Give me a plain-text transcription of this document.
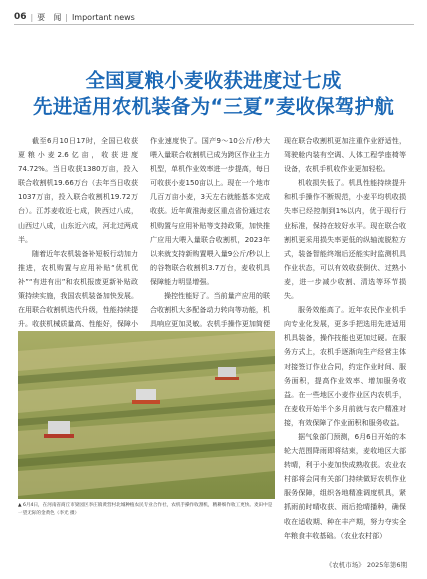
06 | 要　闻 | Important news
全国夏粮小麦收获进度过七成
先进适用农机装备为“三夏”麦收保驾护航

截至6月10日17时，全国已收获夏粮小麦2.6亿亩，收获进度74.72%。当日收获1380万亩，投入联合收割机19.66万台（去年当日收获1037万亩，投入联合收割机19.72万台）。江苏麦收近七成，陕西过八成，山西过八成，山东近六成，河北过两成半。

随着近年农机装备补短板行动加力推进，农机购置与应用补贴“优机优补”“有进有出”和农机报废更新补贴政策持续实施，我国农机装备加快发展。在用联合收割机迭代升级，性能持续提升。收获机械质量高、性能好，保障小

作业速度快了。国产9～10公斤/秒大喂入量联合收割机已成为跨区作业主力机型，单机作业效率进一步提高，每日可收获小麦150亩以上。现在一个地市几百万亩小麦，3天左右就能基本完成收获。近年黄淮海麦区重点省份通过农机购置与应用补贴等支持政策，加快推广应用大喂入量联合收割机，2023年以来就支持新购置喂入量9公斤/秒以上的谷物联合收割机3.7万台，麦收机具保障能力明显增强。

操控性能好了。当前量产应用的联合收割机大多配备动力转向等功能，机具响应更加灵敏。农机手操作更加简便

现在联合收割机更加注重作业舒适性，驾驶舱内装有空调、人体工程学座椅等设备，农机手机收作业更加轻松。

机收损失低了。机具性能持续提升和机手操作不断规范，小麦平均机收损失率已经控制到1%以内，优于现行行业标准，保持在较好水平。现在联合收割机更采用损失率更低的纵轴流脱粒方式，装备智能终端后还能实时监测机具作业状态，可以有效收获倒伏、过熟小麦，进一步减少收割、清选等环节损失。

服务效能高了。近年农民作业机手向专业化发展，更多手把选用先进适用机具装备，操作技能也更加过硬。在服务方式上，农机手逐渐向生产经营主体对接签订作业合同，约定作业时间、服务面积，提高作业效率、增加服务收益。在一些地区小麦作业区内农机手，在麦收开始半个多月前就与农户精准对接，有效保障了作业面积和服务收益。

据气象部门预测，6月6日开始的本轮大范围降雨即将结束，麦收地区大部转晴，利于小麦加快成熟收获。农业农村部将会同有关部门持续做好农机作业服务保障，组织各地精准调度机具，紧抓雨前时晴收获、雨后抢晴播种，确保收在适收期、种在丰产期，努力夺实全年粮食丰收基础。（农业农村部）

▲ 6月4日，在河南省商丘市梁园区李庄镇黄营村北城种植农民专业合作社，农机手操作收割机，精耕细作收工更快。麦田中是一望无际的金黄色（李光 摄）
《农机市场》 2025年第6期
